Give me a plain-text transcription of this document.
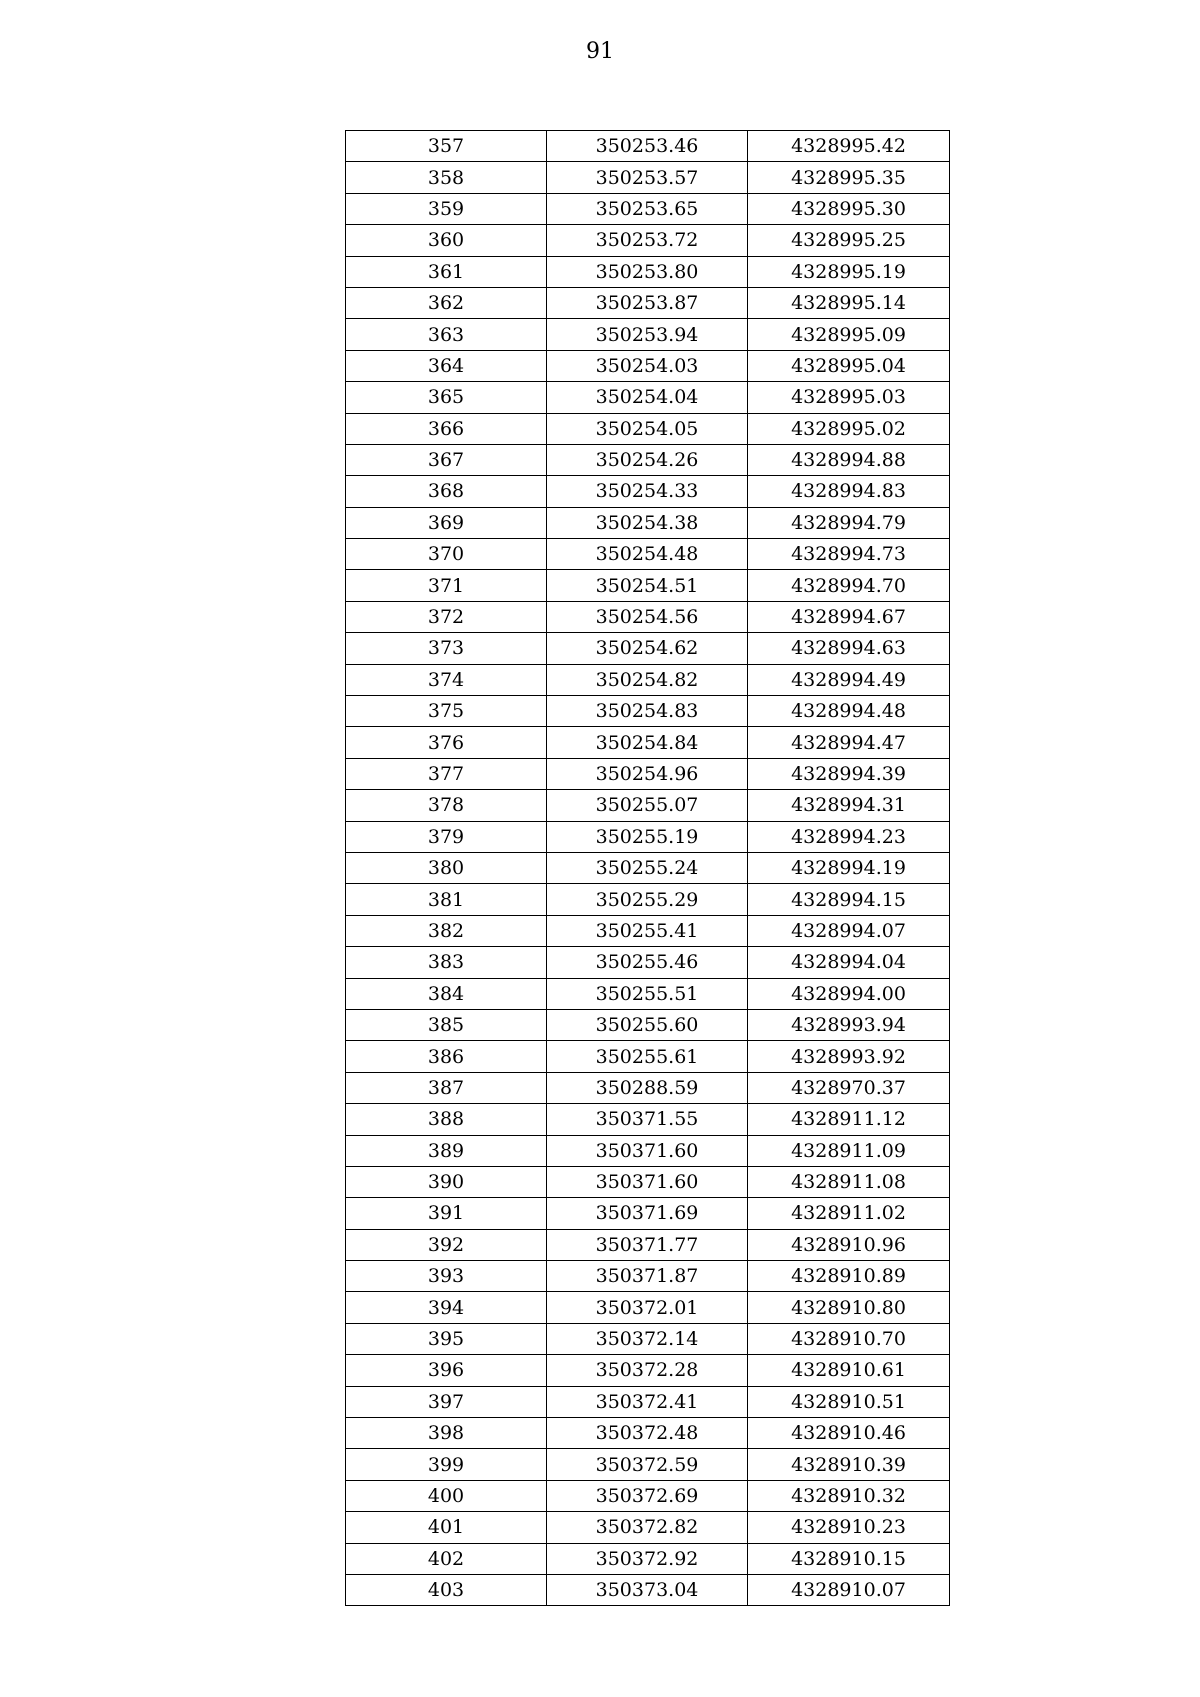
91
357	350253.46	4328995.42
358	350253.57	4328995.35
359	350253.65	4328995.30
360	350253.72	4328995.25
361	350253.80	4328995.19
362	350253.87	4328995.14
363	350253.94	4328995.09
364	350254.03	4328995.04
365	350254.04	4328995.03
366	350254.05	4328995.02
367	350254.26	4328994.88
368	350254.33	4328994.83
369	350254.38	4328994.79
370	350254.48	4328994.73
371	350254.51	4328994.70
372	350254.56	4328994.67
373	350254.62	4328994.63
374	350254.82	4328994.49
375	350254.83	4328994.48
376	350254.84	4328994.47
377	350254.96	4328994.39
378	350255.07	4328994.31
379	350255.19	4328994.23
380	350255.24	4328994.19
381	350255.29	4328994.15
382	350255.41	4328994.07
383	350255.46	4328994.04
384	350255.51	4328994.00
385	350255.60	4328993.94
386	350255.61	4328993.92
387	350288.59	4328970.37
388	350371.55	4328911.12
389	350371.60	4328911.09
390	350371.60	4328911.08
391	350371.69	4328911.02
392	350371.77	4328910.96
393	350371.87	4328910.89
394	350372.01	4328910.80
395	350372.14	4328910.70
396	350372.28	4328910.61
397	350372.41	4328910.51
398	350372.48	4328910.46
399	350372.59	4328910.39
400	350372.69	4328910.32
401	350372.82	4328910.23
402	350372.92	4328910.15
403	350373.04	4328910.07
